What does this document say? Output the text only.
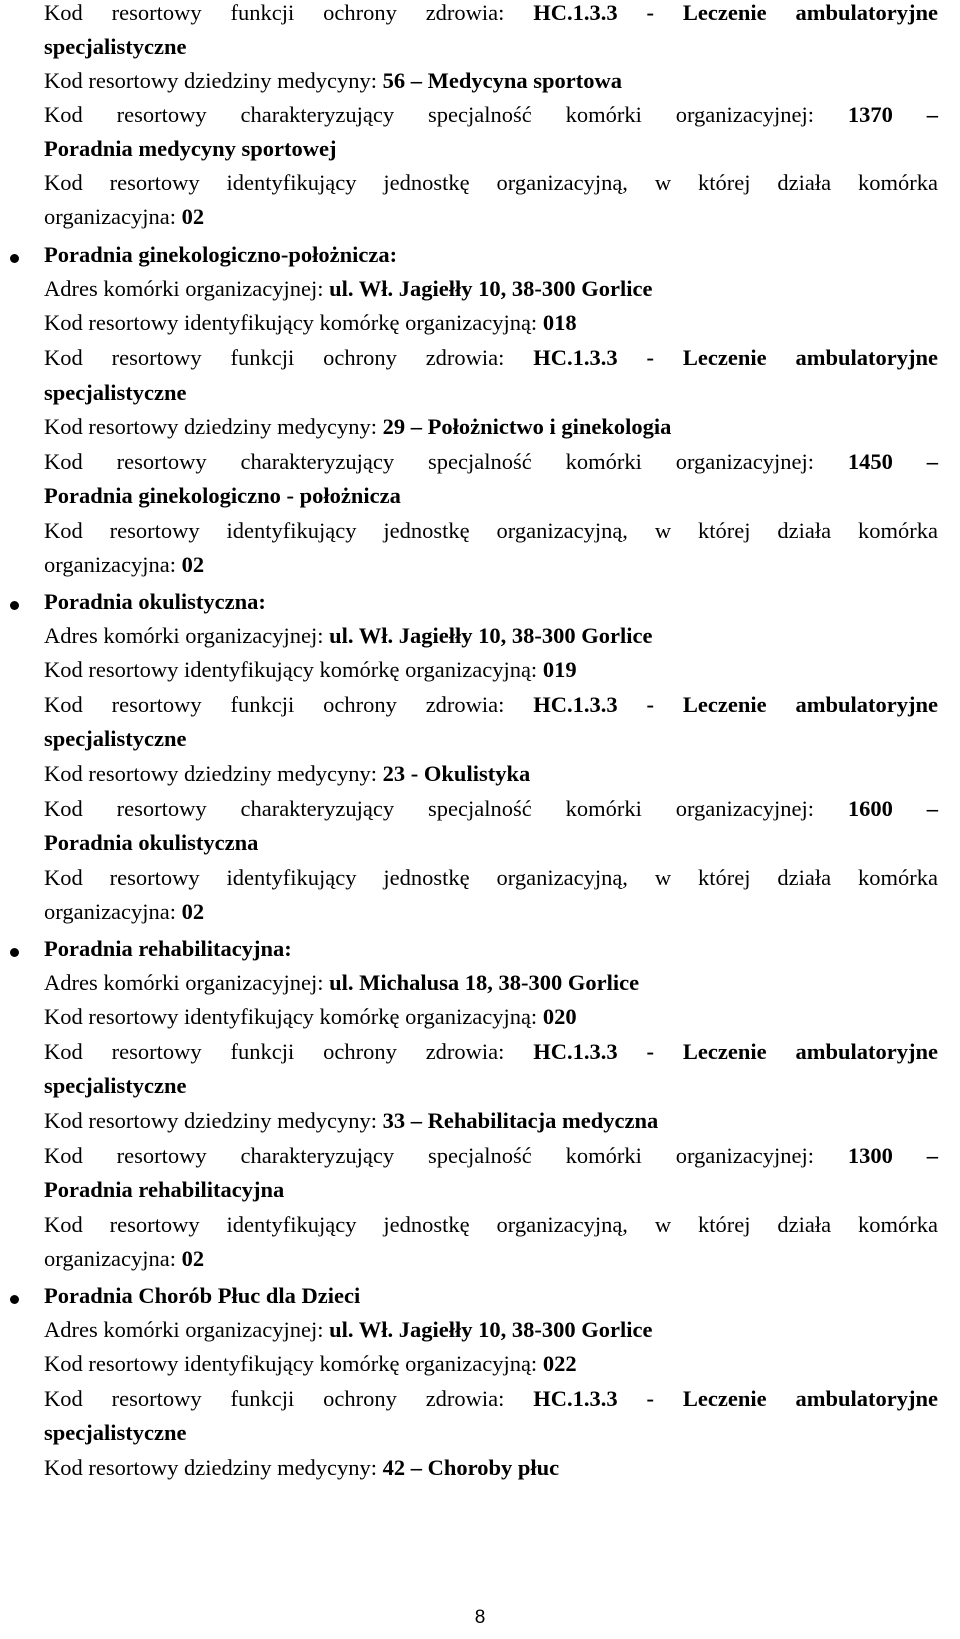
Kod resortowy funkcji ochrony zdrowia: HC.1.3.3 - Leczenie ambulatoryjne
specjalistyczne
Kod resortowy dziedziny medycyny: 56 – Medycyna sportowa
Kod resortowy charakteryzujący specjalność komórki organizacyjnej: 1370 –
Poradnia medycyny sportowej
Kod resortowy identyfikujący jednostkę organizacyjną, w której działa komórka
organizacyjna: 02
Poradnia ginekologiczno-położnicza:
Adres komórki organizacyjnej: ul. Wł. Jagiełły 10, 38-300 Gorlice
Kod resortowy identyfikujący komórkę organizacyjną: 018
Kod resortowy funkcji ochrony zdrowia: HC.1.3.3 - Leczenie ambulatoryjne
specjalistyczne
Kod resortowy dziedziny medycyny: 29 – Położnictwo i ginekologia
Kod resortowy charakteryzujący specjalność komórki organizacyjnej: 1450 –
Poradnia ginekologiczno - położnicza
Kod resortowy identyfikujący jednostkę organizacyjną, w której działa komórka
organizacyjna: 02
Poradnia okulistyczna:
Adres komórki organizacyjnej: ul. Wł. Jagiełły 10, 38-300 Gorlice
Kod resortowy identyfikujący komórkę organizacyjną: 019
Kod resortowy funkcji ochrony zdrowia: HC.1.3.3 - Leczenie ambulatoryjne
specjalistyczne
Kod resortowy dziedziny medycyny: 23 - Okulistyka
Kod resortowy charakteryzujący specjalność komórki organizacyjnej: 1600 –
Poradnia okulistyczna
Kod resortowy identyfikujący jednostkę organizacyjną, w której działa komórka
organizacyjna: 02
Poradnia rehabilitacyjna:
Adres komórki organizacyjnej: ul. Michalusa 18, 38-300 Gorlice
Kod resortowy identyfikujący komórkę organizacyjną: 020
Kod resortowy funkcji ochrony zdrowia: HC.1.3.3 - Leczenie ambulatoryjne
specjalistyczne
Kod resortowy dziedziny medycyny: 33 – Rehabilitacja medyczna
Kod resortowy charakteryzujący specjalność komórki organizacyjnej: 1300 –
Poradnia rehabilitacyjna
Kod resortowy identyfikujący jednostkę organizacyjną, w której działa komórka
organizacyjna: 02
Poradnia Chorób Płuc dla Dzieci
Adres komórki organizacyjnej: ul. Wł. Jagiełły 10, 38-300 Gorlice
Kod resortowy identyfikujący komórkę organizacyjną: 022
Kod resortowy funkcji ochrony zdrowia: HC.1.3.3 - Leczenie ambulatoryjne
specjalistyczne
Kod resortowy dziedziny medycyny: 42 – Choroby płuc
8
